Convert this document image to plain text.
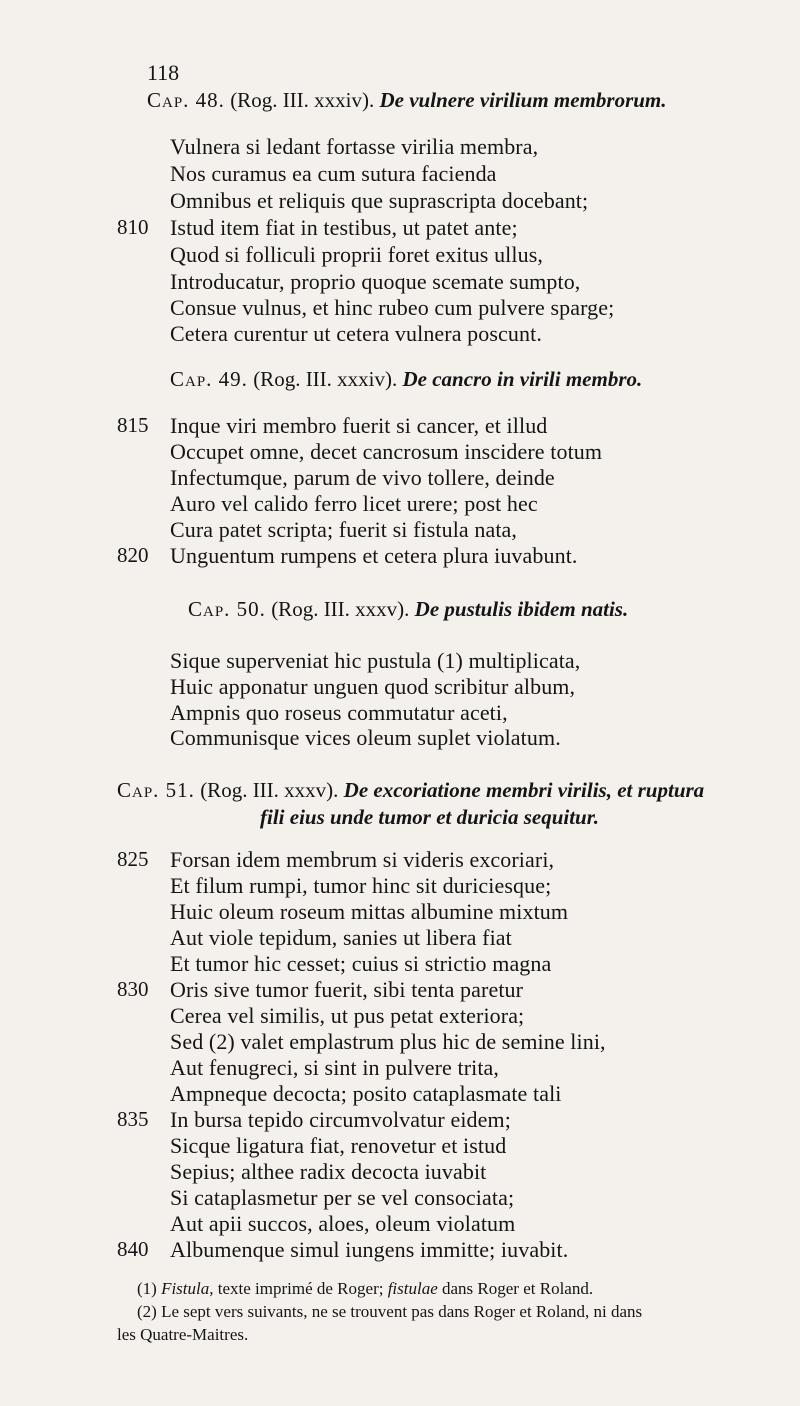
118
Cap. 48. (Rog. III. xxxiv). De vulnere virilium membrorum.
Vulnera si ledant fortasse virilia membra,
Nos curamus ea cum sutura facienda
Omnibus et reliquis que suprascripta docebant;
810 Istud item fiat in testibus, ut patet ante;
Quod si folliculi proprii foret exitus ullus,
Introducatur, proprio quoque scemate sumpto,
Consue vulnus, et hinc rubeo cum pulvere sparge;
Cetera curentur ut cetera vulnera poscunt.
Cap. 49. (Rog. III. xxxiv). De cancro in virili membro.
815 Inque viri membro fuerit si cancer, et illud
Occupet omne, decet cancrosum inscidere totum
Infectumque, parum de vivo tollere, deinde
Auro vel calido ferro licet urere; post hec
Cura patet scripta; fuerit si fistula nata,
820 Unguentum rumpens et cetera plura iuvabunt.
Cap. 50. (Rog. III. xxxv). De pustulis ibidem natis.
Sique superveniat hic pustula (1) multiplicata,
Huic apponatur unguen quod scribitur album,
Ampnis quo roseus commutatur aceti,
Communisque vices oleum suplet violatum.
Cap. 51. (Rog. III. xxxv). De excoriatione membri virilis, et ruptura
fili eius unde tumor et duricia sequitur.
825 Forsan idem membrum si videris excoriari,
Et filum rumpi, tumor hinc sit duriciesque;
Huic oleum roseum mittas albumine mixtum
Aut viole tepidum, sanies ut libera fiat
Et tumor hic cesset; cuius si strictio magna
830 Oris sive tumor fuerit, sibi tenta paretur
Cerea vel similis, ut pus petat exteriora;
Sed (2) valet emplastrum plus hic de semine lini,
Aut fenugreci, si sint in pulvere trita,
Ampneque decocta; posito cataplasmate tali
835 In bursa tepido circumvolvatur eidem;
Sicque ligatura fiat, renovetur et istud
Sepius; althee radix decocta iuvabit
Si cataplasmetur per se vel consociata;
Aut apii succos, aloes, oleum violatum
840 Albumenque simul iungens immitte; iuvabit.
(1) Fistula, texte imprimé de Roger; fistulae dans Roger et Roland.
(2) Le sept vers suivants, ne se trouvent pas dans Roger et Roland, ni dans
les Quatre-Maitres.
